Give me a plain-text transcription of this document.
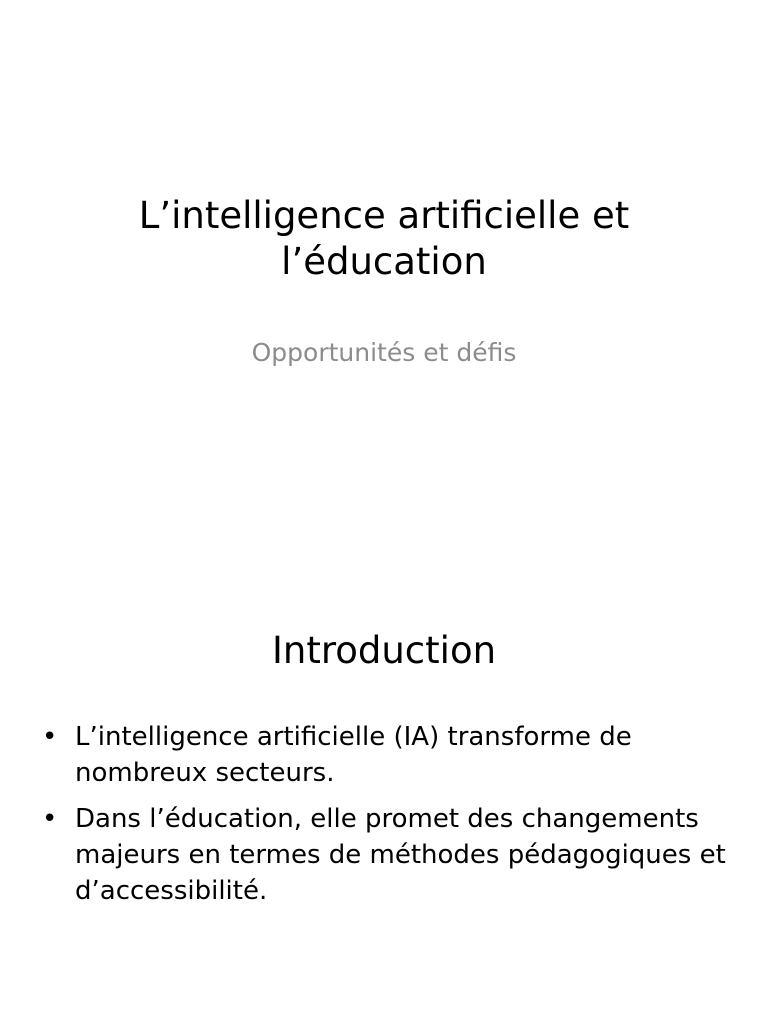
L’intelligence artificielle et l’éducation

Opportunités et défis

Introduction
• L’intelligence artificielle (IA) transforme de nombreux secteurs.
• Dans l’éducation, elle promet des changements majeurs en termes de méthodes pédagogiques et d’accessibilité.
